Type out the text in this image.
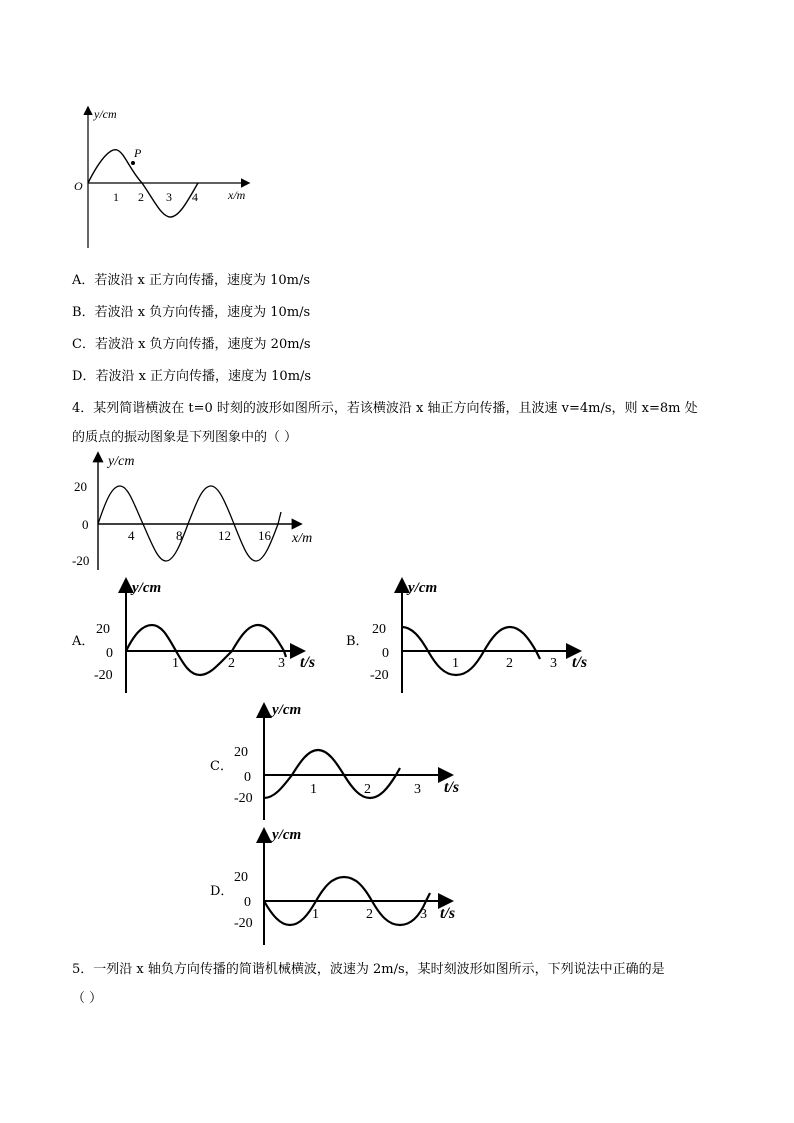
y/cm
O
P
x/m
1 2 3 4
A．若波沿 x 正方向传播，速度为 10m/s
B．若波沿 x 负方向传播，速度为 10m/s
C．若波沿 x 负方向传播，速度为 20m/s
D．若波沿 x 正方向传播，速度为 10m/s
4．某列简谐横波在 t=0 时刻的波形如图所示，若该横波沿 x 轴正方向传播，且波速 v=4m/s，则 x=8m 处
的质点的振动图象是下列图象中的（ ）
y/cm
20
0
-20
4	8	12 16 x/m
A．
y/cm
20
0
-20
1	2	3 t/s
B．
y/cm
20
0
-20
1	2	3 t/s
C．
y/cm
20
0
-20
1	2	3 t/s
D．
y/cm
20
0
-20
1	2	3 t/s
5．一列沿 x 轴负方向传播的简谐机械横波，波速为 2m/s，某时刻波形如图所示，下列说法中正确的是
（ ）
